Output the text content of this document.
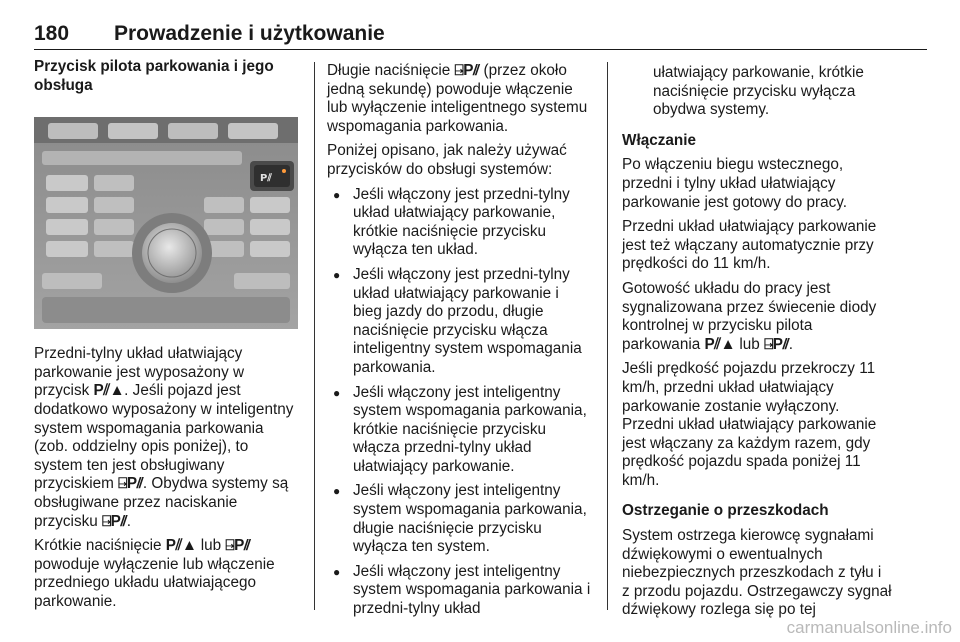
180 Prowadzenie i użytkowanie

Przycisk pilota parkowania i jego obsługa

P⫽

Przedni-tylny układ ułatwiający parkowanie jest wyposażony w przycisk P⫽▲. Jeśli pojazd jest dodatkowo wyposażony w inteligentny system wspomagania parkowania (zob. oddzielny opis poniżej), to system ten jest obsługiwany przyciskiem ⍈P⫽. Obydwa systemy są obsługiwane przez naciskanie przycisku ⍈P⫽.

Krótkie naciśnięcie P⫽▲ lub ⍈P⫽ powoduje wyłączenie lub włączenie przedniego układu ułatwiającego parkowanie.

Długie naciśnięcie ⍈P⫽ (przez około jedną sekundę) powoduje włączenie lub wyłączenie inteligentnego systemu wspomagania parkowania.

Poniżej opisano, jak należy używać przycisków do obsługi systemów:

● Jeśli włączony jest przedni-tylny układ ułatwiający parkowanie, krótkie naciśnięcie przycisku wyłącza ten układ.
● Jeśli włączony jest przedni-tylny układ ułatwiający parkowanie i bieg jazdy do przodu, długie naciśnięcie przycisku włącza inteligentny system wspomagania parkowania.
● Jeśli włączony jest inteligentny system wspomagania parkowania, krótkie naciśnięcie przycisku włącza przedni-tylny układ ułatwiający parkowanie.
● Jeśli włączony jest inteligentny system wspomagania parkowania, długie naciśnięcie przycisku wyłącza ten system.
● Jeśli włączony jest inteligentny system wspomagania parkowania i przedni-tylny układ

ułatwiający parkowanie, krótkie naciśnięcie przycisku wyłącza obydwa systemy.

Włączanie

Po włączeniu biegu wstecznego, przedni i tylny układ ułatwiający parkowanie jest gotowy do pracy.

Przedni układ ułatwiający parkowanie jest też włączany automatycznie przy prędkości do 11 km/h.

Gotowość układu do pracy jest sygnalizowana przez świecenie diody kontrolnej w przycisku pilota parkowania P⫽▲ lub ⍈P⫽.

Jeśli prędkość pojazdu przekroczy 11 km/h, przedni układ ułatwiający parkowanie zostanie wyłączony. Przedni układ ułatwiający parkowanie jest włączany za każdym razem, gdy prędkość pojazdu spada poniżej 11 km/h.

Ostrzeganie o przeszkodach

System ostrzega kierowcę sygnałami dźwiękowymi o ewentualnych niebezpiecznych przeszkodach z tyłu i z przodu pojazdu. Ostrzegawczy sygnał dźwiękowy rozlega się po tej

carmanualsonline.info
